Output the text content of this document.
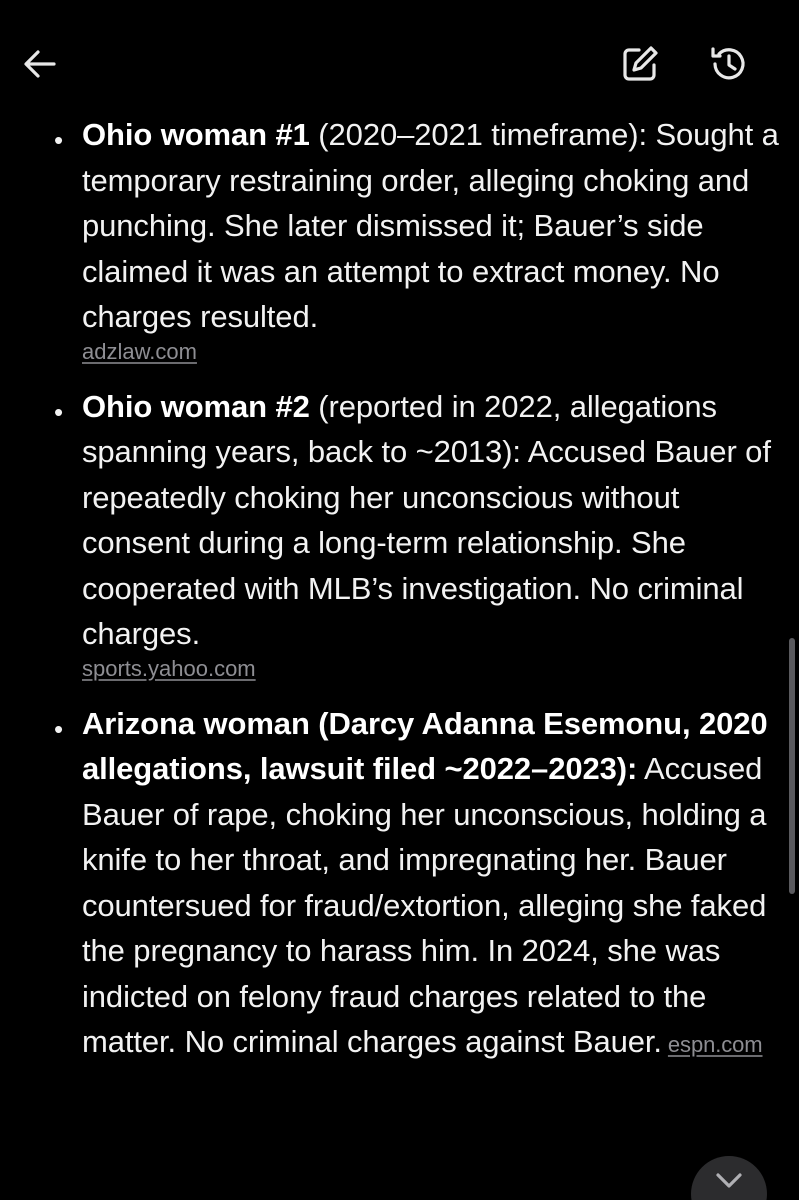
• Ohio woman #1 (2020–2021 timeframe): Sought a temporary restraining order, alleging choking and punching. She later dismissed it; Bauer’s side claimed it was an attempt to extract money. No charges resulted.
adzlaw.com
• Ohio woman #2 (reported in 2022, allegations spanning years, back to ~2013): Accused Bauer of repeatedly choking her unconscious without consent during a long-term relationship. She cooperated with MLB’s investigation. No criminal charges.
sports.yahoo.com
• Arizona woman (Darcy Adanna Esemonu, 2020 allegations, lawsuit filed ~2022–2023): Accused Bauer of rape, choking her unconscious, holding a knife to her throat, and impregnating her. Bauer countersued for fraud/extortion, alleging she faked the pregnancy to harass him. In 2024, she was indicted on felony fraud charges related to the matter. No criminal charges against Bauer. espn.com
